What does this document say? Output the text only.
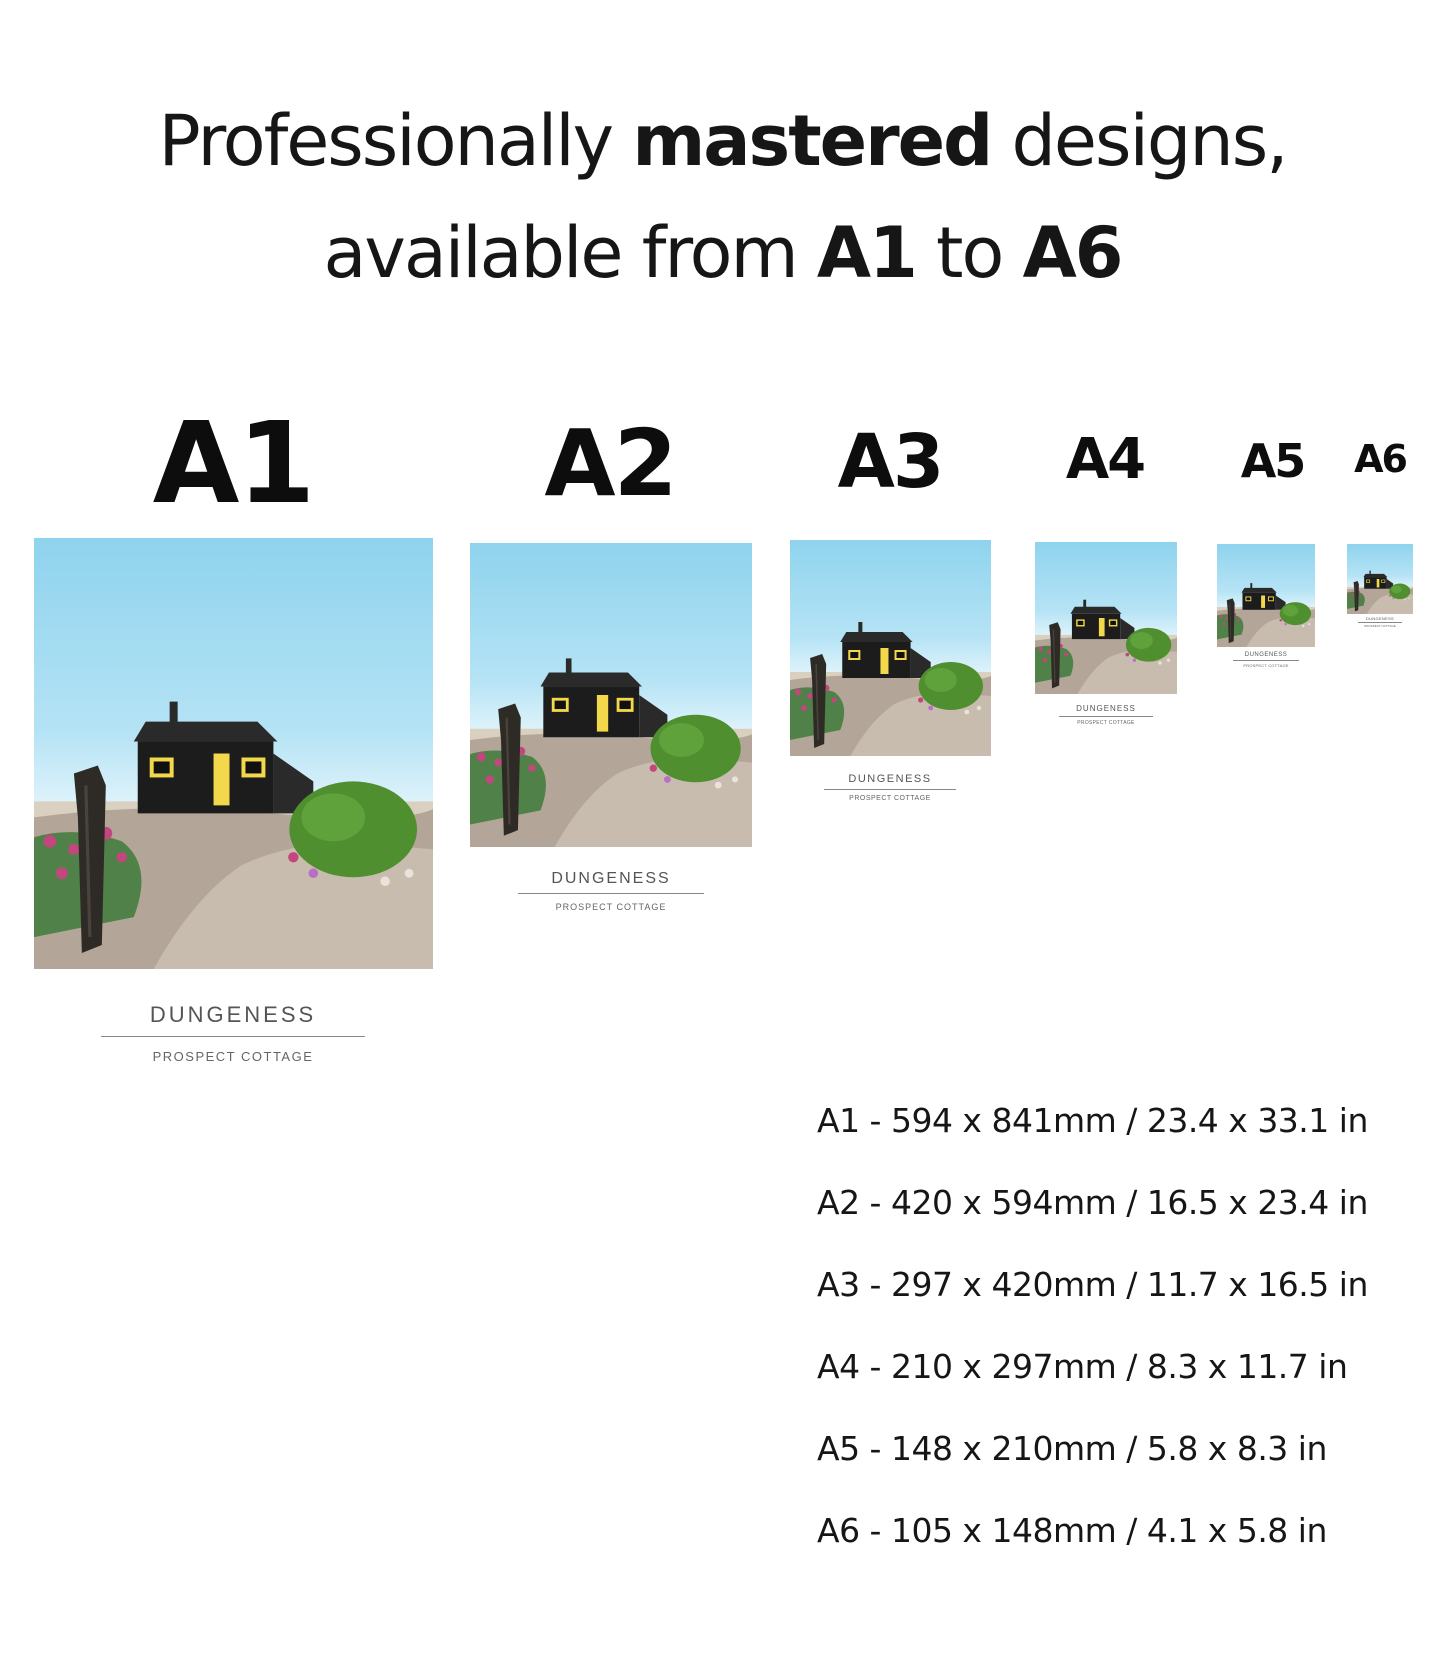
Professionally mastered designs,
available from A1 to A6
A1	A2 A3 A4 A5 A6
DUNGENESS
PROSPECT COTTAGE
DUNGENESS
PROSPECT COTTAGE
DUNGENESS
PROSPECT COTTAGE
DUNGENESS
PROSPECT COTTAGE
DUNGENESS
PROSPECT COTTAGE
DUNGENESS
PROSPECT COTTAGE
A1 - 594 x 841mm / 23.4 x 33.1 in
A2 - 420 x 594mm / 16.5 x 23.4 in
A3 - 297 x 420mm / 11.7 x 16.5 in
A4 - 210 x 297mm / 8.3 x 11.7 in
A5 - 148 x 210mm / 5.8 x 8.3 in
A6 - 105 x 148mm / 4.1 x 5.8 in
